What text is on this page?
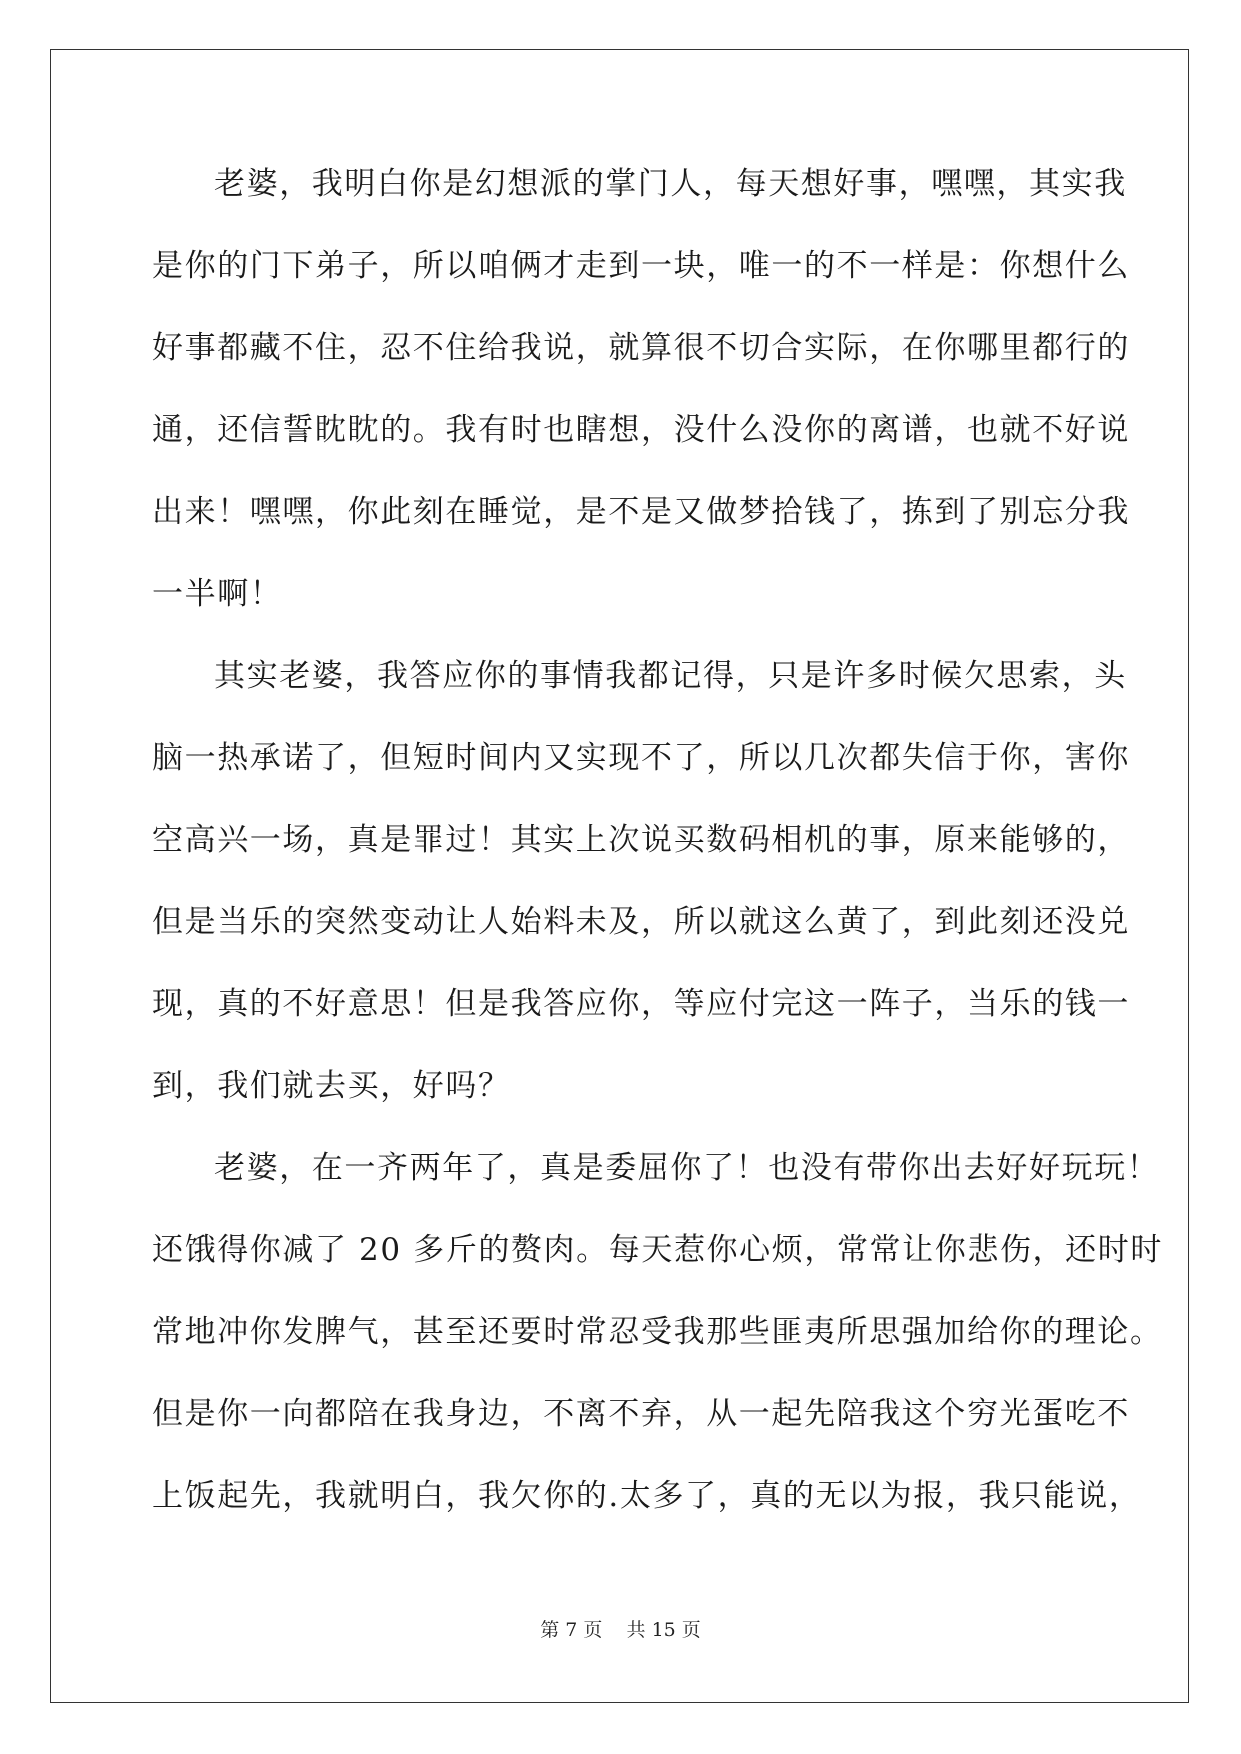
老婆，我明白你是幻想派的掌门人，每天想好事，嘿嘿，其实我
是你的门下弟子，所以咱俩才走到一块，唯一的不一样是：你想什么
好事都藏不住，忍不住给我说，就算很不切合实际，在你哪里都行的
通，还信誓眈眈的。我有时也瞎想，没什么没你的离谱，也就不好说
出来！嘿嘿，你此刻在睡觉，是不是又做梦拾钱了，拣到了别忘分我
一半啊！
其实老婆，我答应你的事情我都记得，只是许多时候欠思索，头
脑一热承诺了，但短时间内又实现不了，所以几次都失信于你，害你
空高兴一场，真是罪过！其实上次说买数码相机的事，原来能够的，
但是当乐的突然变动让人始料未及，所以就这么黄了，到此刻还没兑
现，真的不好意思！但是我答应你，等应付完这一阵子，当乐的钱一
到，我们就去买，好吗？
老婆，在一齐两年了，真是委屈你了！也没有带你出去好好玩玩！
还饿得你减了 20 多斤的赘肉。每天惹你心烦，常常让你悲伤，还时时
常地冲你发脾气，甚至还要时常忍受我那些匪夷所思强加给你的理论。
但是你一向都陪在我身边，不离不弃，从一起先陪我这个穷光蛋吃不
上饭起先，我就明白，我欠你的.太多了，真的无以为报，我只能说，
第 7 页    共 15 页
